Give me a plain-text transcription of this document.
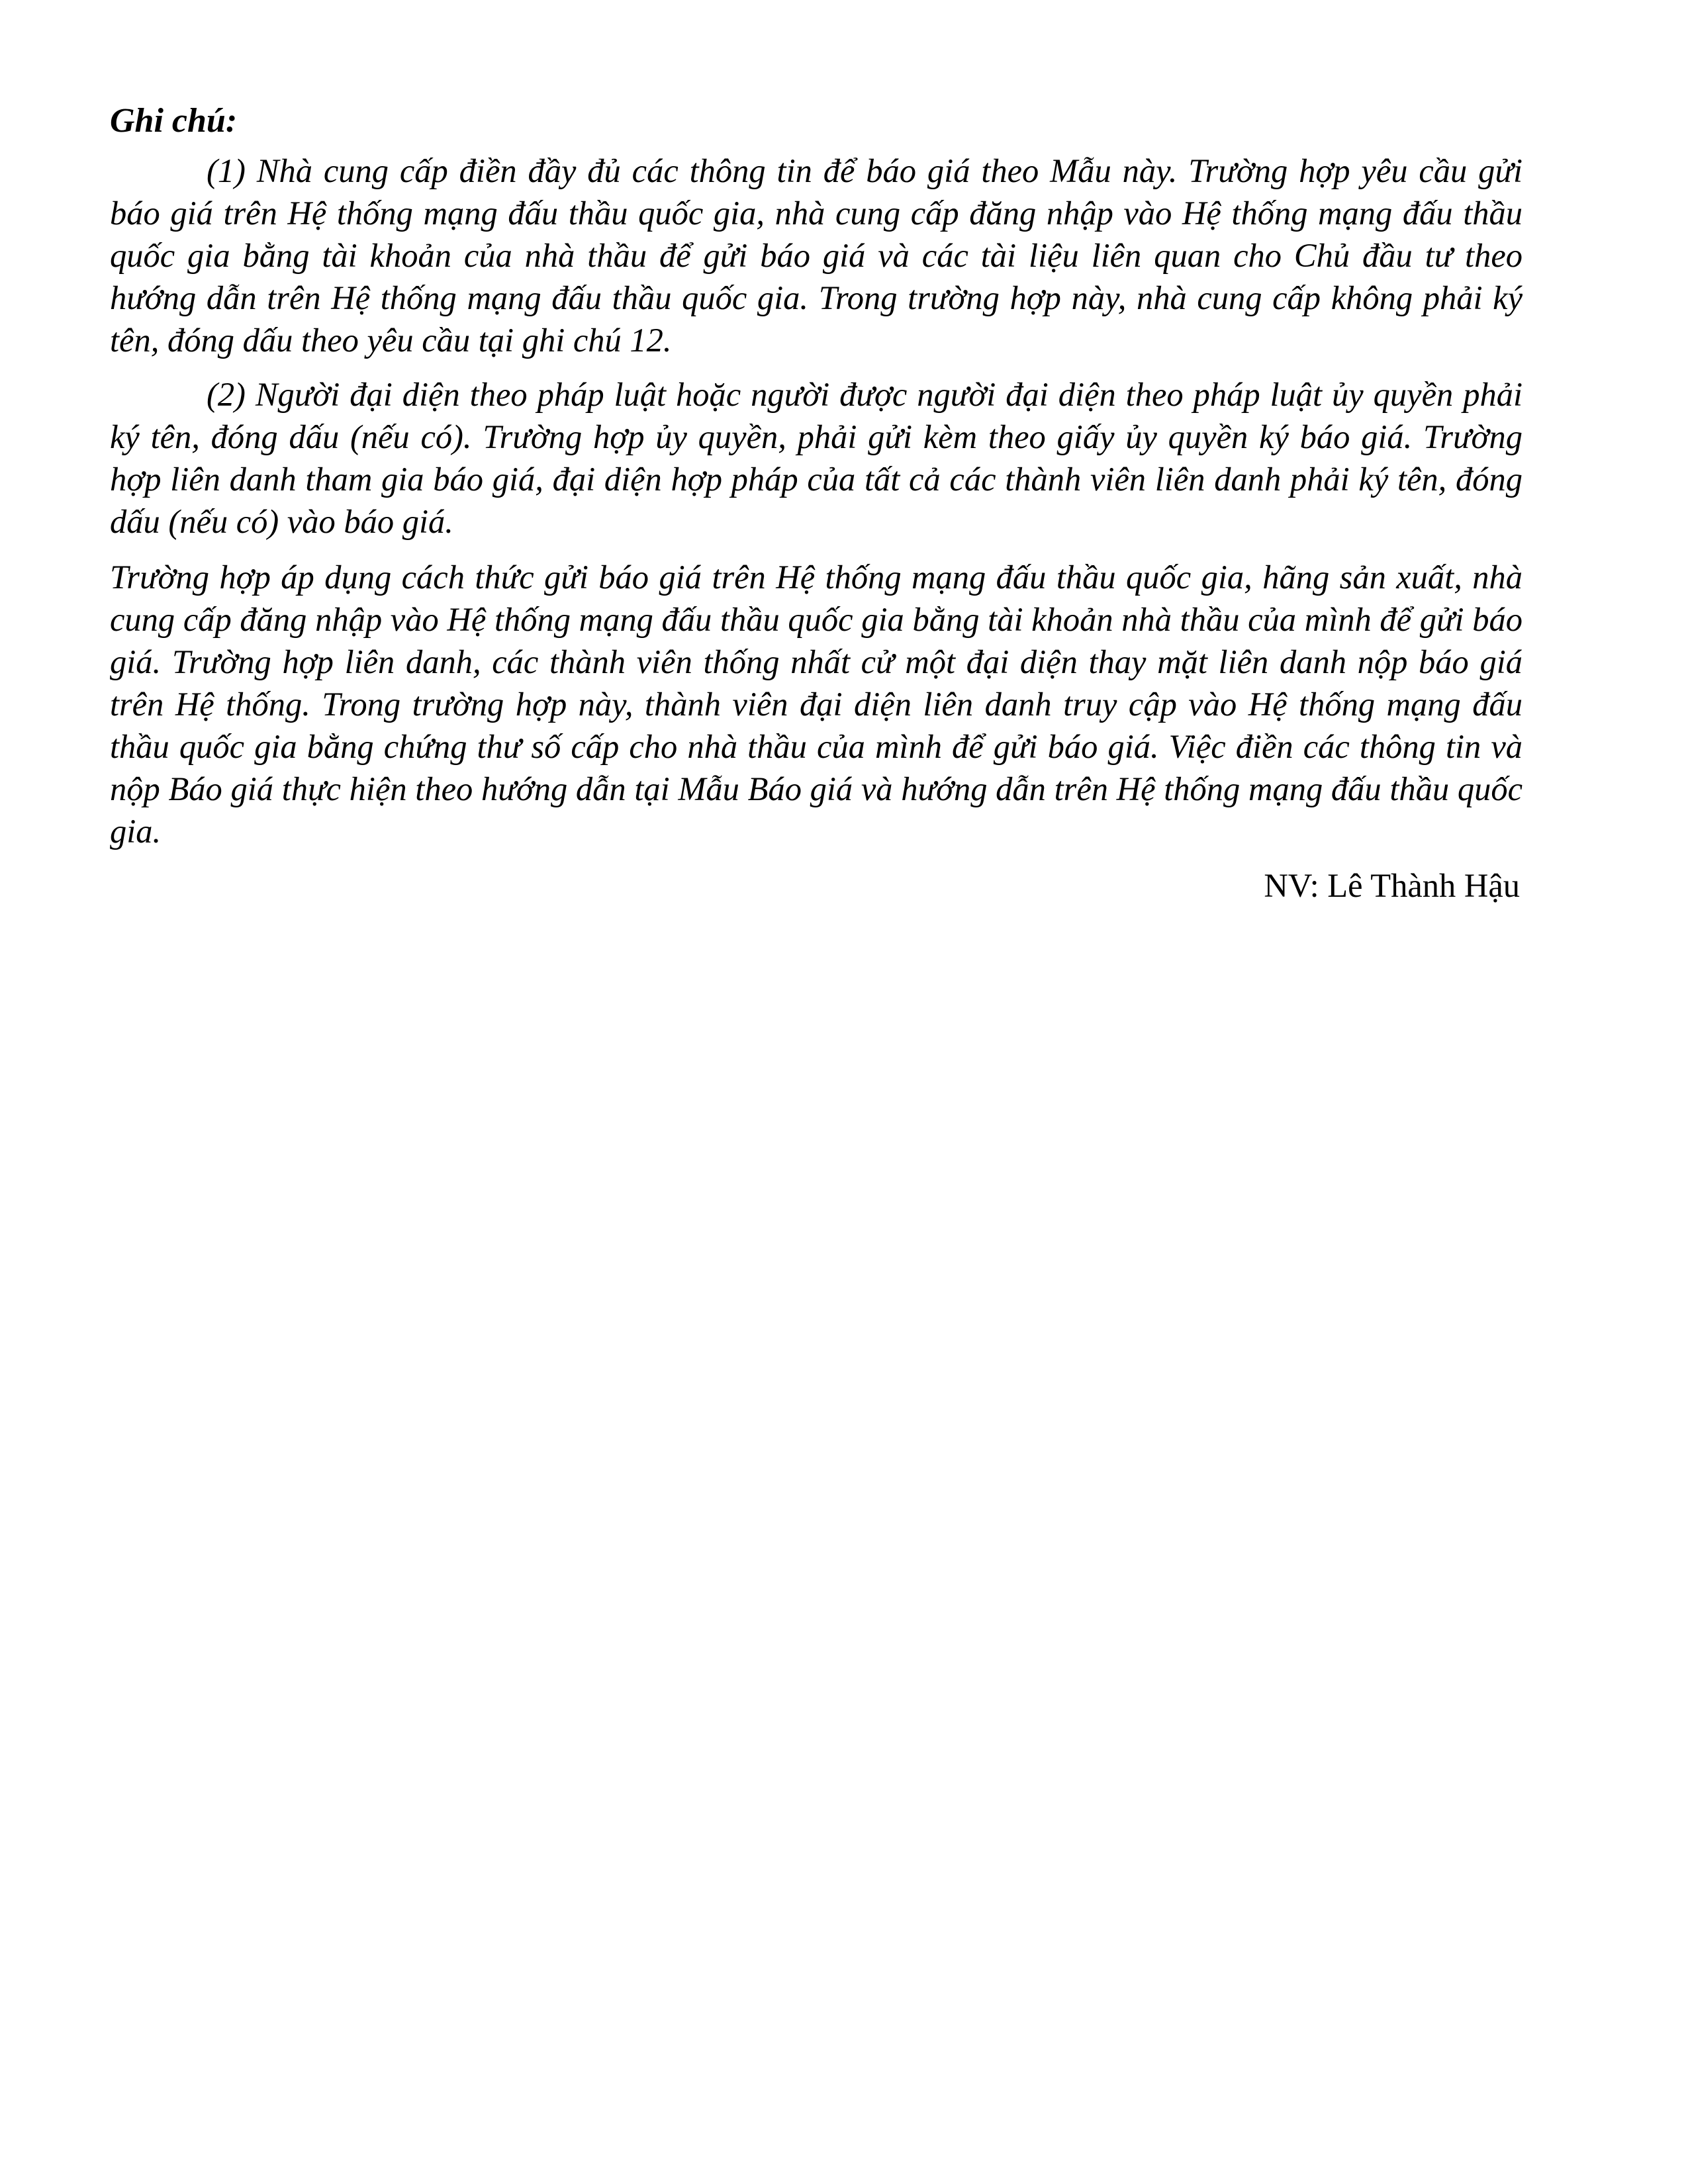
Ghi chú:

(1) Nhà cung cấp điền đầy đủ các thông tin để báo giá theo Mẫu này. Trường hợp yêu cầu gửi báo giá trên Hệ thống mạng đấu thầu quốc gia, nhà cung cấp đăng nhập vào Hệ thống mạng đấu thầu quốc gia bằng tài khoản của nhà thầu để gửi báo giá và các tài liệu liên quan cho Chủ đầu tư theo hướng dẫn trên Hệ thống mạng đấu thầu quốc gia. Trong trường hợp này, nhà cung cấp không phải ký tên, đóng dấu theo yêu cầu tại ghi chú 12.

(2) Người đại diện theo pháp luật hoặc người được người đại diện theo pháp luật ủy quyền phải ký tên, đóng dấu (nếu có). Trường hợp ủy quyền, phải gửi kèm theo giấy ủy quyền ký báo giá. Trường hợp liên danh tham gia báo giá, đại diện hợp pháp của tất cả các thành viên liên danh phải ký tên, đóng dấu (nếu có) vào báo giá.

Trường hợp áp dụng cách thức gửi báo giá trên Hệ thống mạng đấu thầu quốc gia, hãng sản xuất, nhà cung cấp đăng nhập vào Hệ thống mạng đấu thầu quốc gia bằng tài khoản nhà thầu của mình để gửi báo giá. Trường hợp liên danh, các thành viên thống nhất cử một đại diện thay mặt liên danh nộp báo giá trên Hệ thống. Trong trường hợp này, thành viên đại diện liên danh truy cập vào Hệ thống mạng đấu thầu quốc gia bằng chứng thư số cấp cho nhà thầu của mình để gửi báo giá. Việc điền các thông tin và nộp Báo giá thực hiện theo hướng dẫn tại Mẫu Báo giá và hướng dẫn trên Hệ thống mạng đấu thầu quốc gia.

NV: Lê Thành Hậu
